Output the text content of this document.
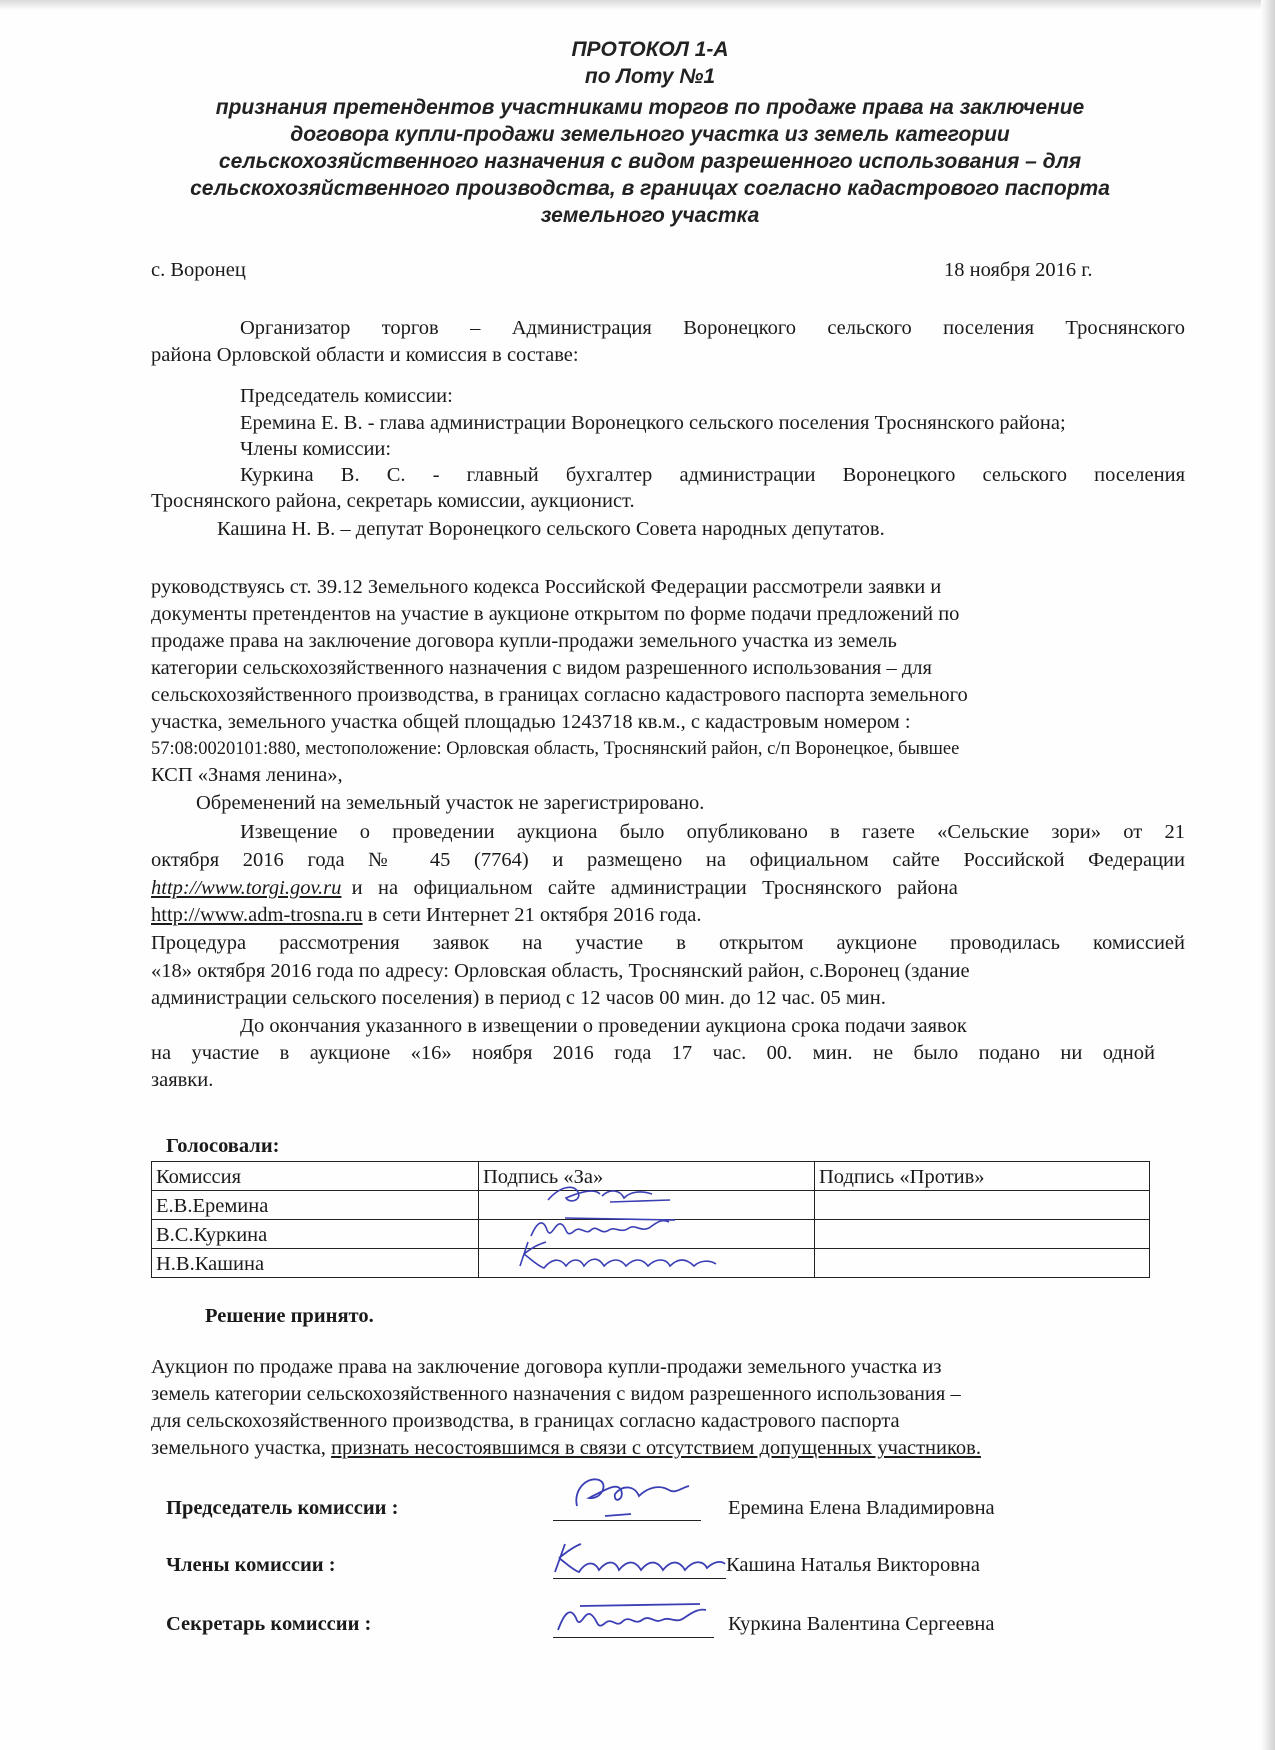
ПРОТОКОЛ 1-А
по Лоту №1
признания претендентов участниками торгов по продаже права на заключение
договора купли-продажи земельного участка из земель категории
сельскохозяйственного назначения с видом разрешенного использования – для
сельскохозяйственного производства, в границах согласно кадастрового паспорта
земельного участка
с. Воронец	18 ноября 2016 г.
Организатор торгов – Администрация Воронецкого сельского поселения Троснянского
района Орловской области и комиссия в составе:
Председатель комиссии:
Еремина Е. В. - глава администрации Воронецкого сельского поселения Троснянского района;
Члены комиссии:
Куркина В. С. - главный бухгалтер администрации Воронецкого сельского поселения
Троснянского района, секретарь комиссии, аукционист.
Кашина Н. В. – депутат Воронецкого сельского Совета народных депутатов.
руководствуясь ст. 39.12 Земельного кодекса Российской Федерации рассмотрели заявки и
документы претендентов на участие в аукционе открытом по форме подачи предложений по
продаже права на заключение договора купли-продажи земельного участка из земель
категории сельскохозяйственного назначения с видом разрешенного использования – для
сельскохозяйственного производства, в границах согласно кадастрового паспорта земельного
участка, земельного участка общей площадью 1243718 кв.м., с кадастровым номером :
57:08:0020101:880, местоположение: Орловская область, Троснянский район, с/п Воронецкое, бывшее
КСП «Знамя ленина»,
Обременений на земельный участок не зарегистрировано.
Извещение о проведении аукциона было опубликовано в газете «Сельские зори» от 21
октября 2016 года № 45 (7764) и размещено на официальном сайте Российской Федерации
http://www.torgi.gov.ru  и   на   официальном   сайте   администрации   Троснянского   района
http://www.adm-trosna.ru в сети Интернет 21 октября 2016 года.
Процедура рассмотрения заявок на участие в открытом аукционе проводилась комиссией
«18» октября 2016 года по адресу: Орловская область, Троснянский район, с.Воронец (здание
администрации сельского поселения) в период с 12 часов 00 мин. до 12 час. 05 мин.
До окончания указанного в извещении о проведении аукциона срока подачи заявок
на участие в аукционе «16» ноября 2016 года 17 час. 00. мин. не было подано ни одной
заявки.
Голосовали:
Комиссия	Подпись «За»	Подпись «Против»
Е.В.Еремина		
В.С.Куркина		
Н.В.Кашина		
Решение принято.
Аукцион по продаже права на заключение договора купли-продажи земельного участка из
земель категории сельскохозяйственного назначения с видом разрешенного использования –
для сельскохозяйственного производства, в границах согласно кадастрового паспорта
земельного участка, признать несостоявшимся в связи с отсутствием допущенных участников.
Председатель комиссии :	Еремина Елена Владимировна
Члены комиссии :	Кашина Наталья Викторовна
Секретарь комиссии :	Куркина Валентина Сергеевна
